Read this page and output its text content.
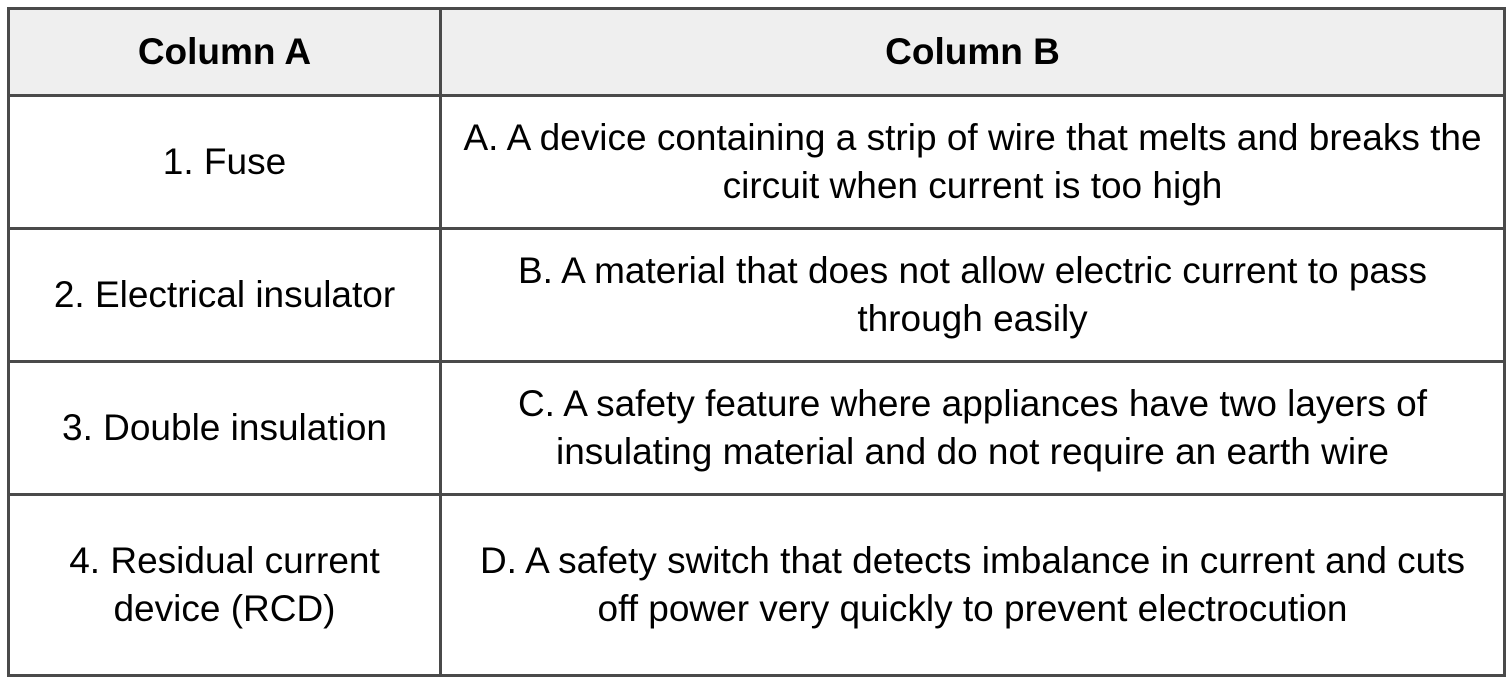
Column A	Column B
1. Fuse	A. A device containing a strip of wire that melts and breaks the circuit when current is too high
2. Electrical insulator	B. A material that does not allow electric current to pass through easily
3. Double insulation	C. A safety feature where appliances have two layers of insulating material and do not require an earth wire
4. Residual current device (RCD)	D. A safety switch that detects imbalance in current and cuts off power very quickly to prevent electrocution
